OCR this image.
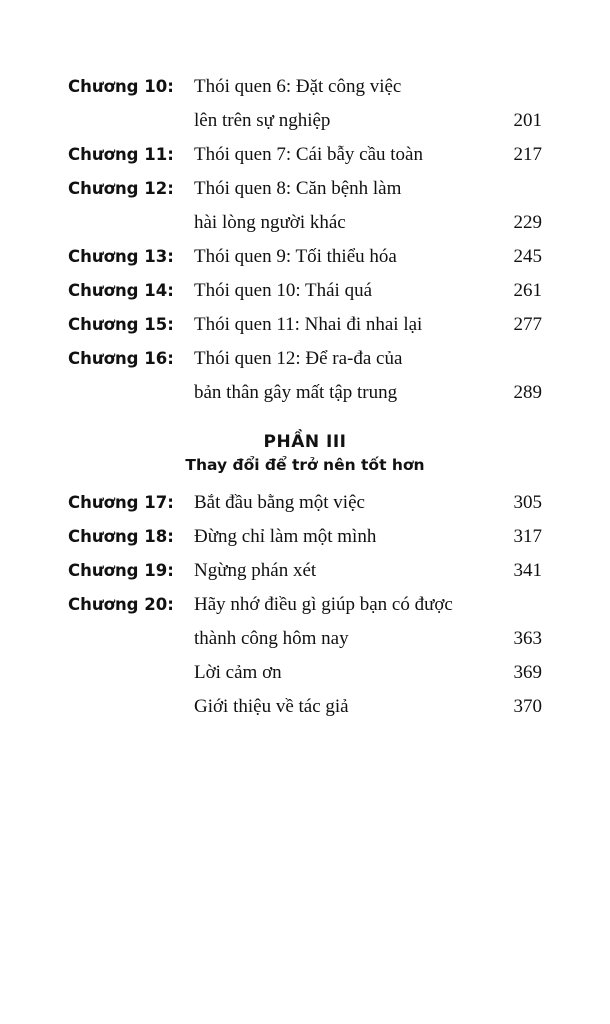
Chương 10:	Thói quen 6: Đặt công việc
lên trên sự nghiệp	201

Chương 11:	Thói quen 7: Cái bẫy cầu toàn	217
Chương 12:	Thói quen 8: Căn bệnh làm
hài lòng người khác	229

Chương 13:	Thói quen 9: Tối thiểu hóa	245
Chương 14:	Thói quen 10: Thái quá	261
Chương 15:	Thói quen 11: Nhai đi nhai lại	277
Chương 16:	Thói quen 12: Để ra-đa của
bản thân gây mất tập trung	289

PHẦN III
Thay đổi để trở nên tốt hơn		

Chương 17:	Bắt đầu bằng một việc	305
Chương 18:	Đừng chỉ làm một mình	317
Chương 19:	Ngừng phán xét	341
Chương 20:	Hãy nhớ điều gì giúp bạn có được
thành công hôm nay	363

	Lời cảm ơn	369
	Giới thiệu về tác giả	370
